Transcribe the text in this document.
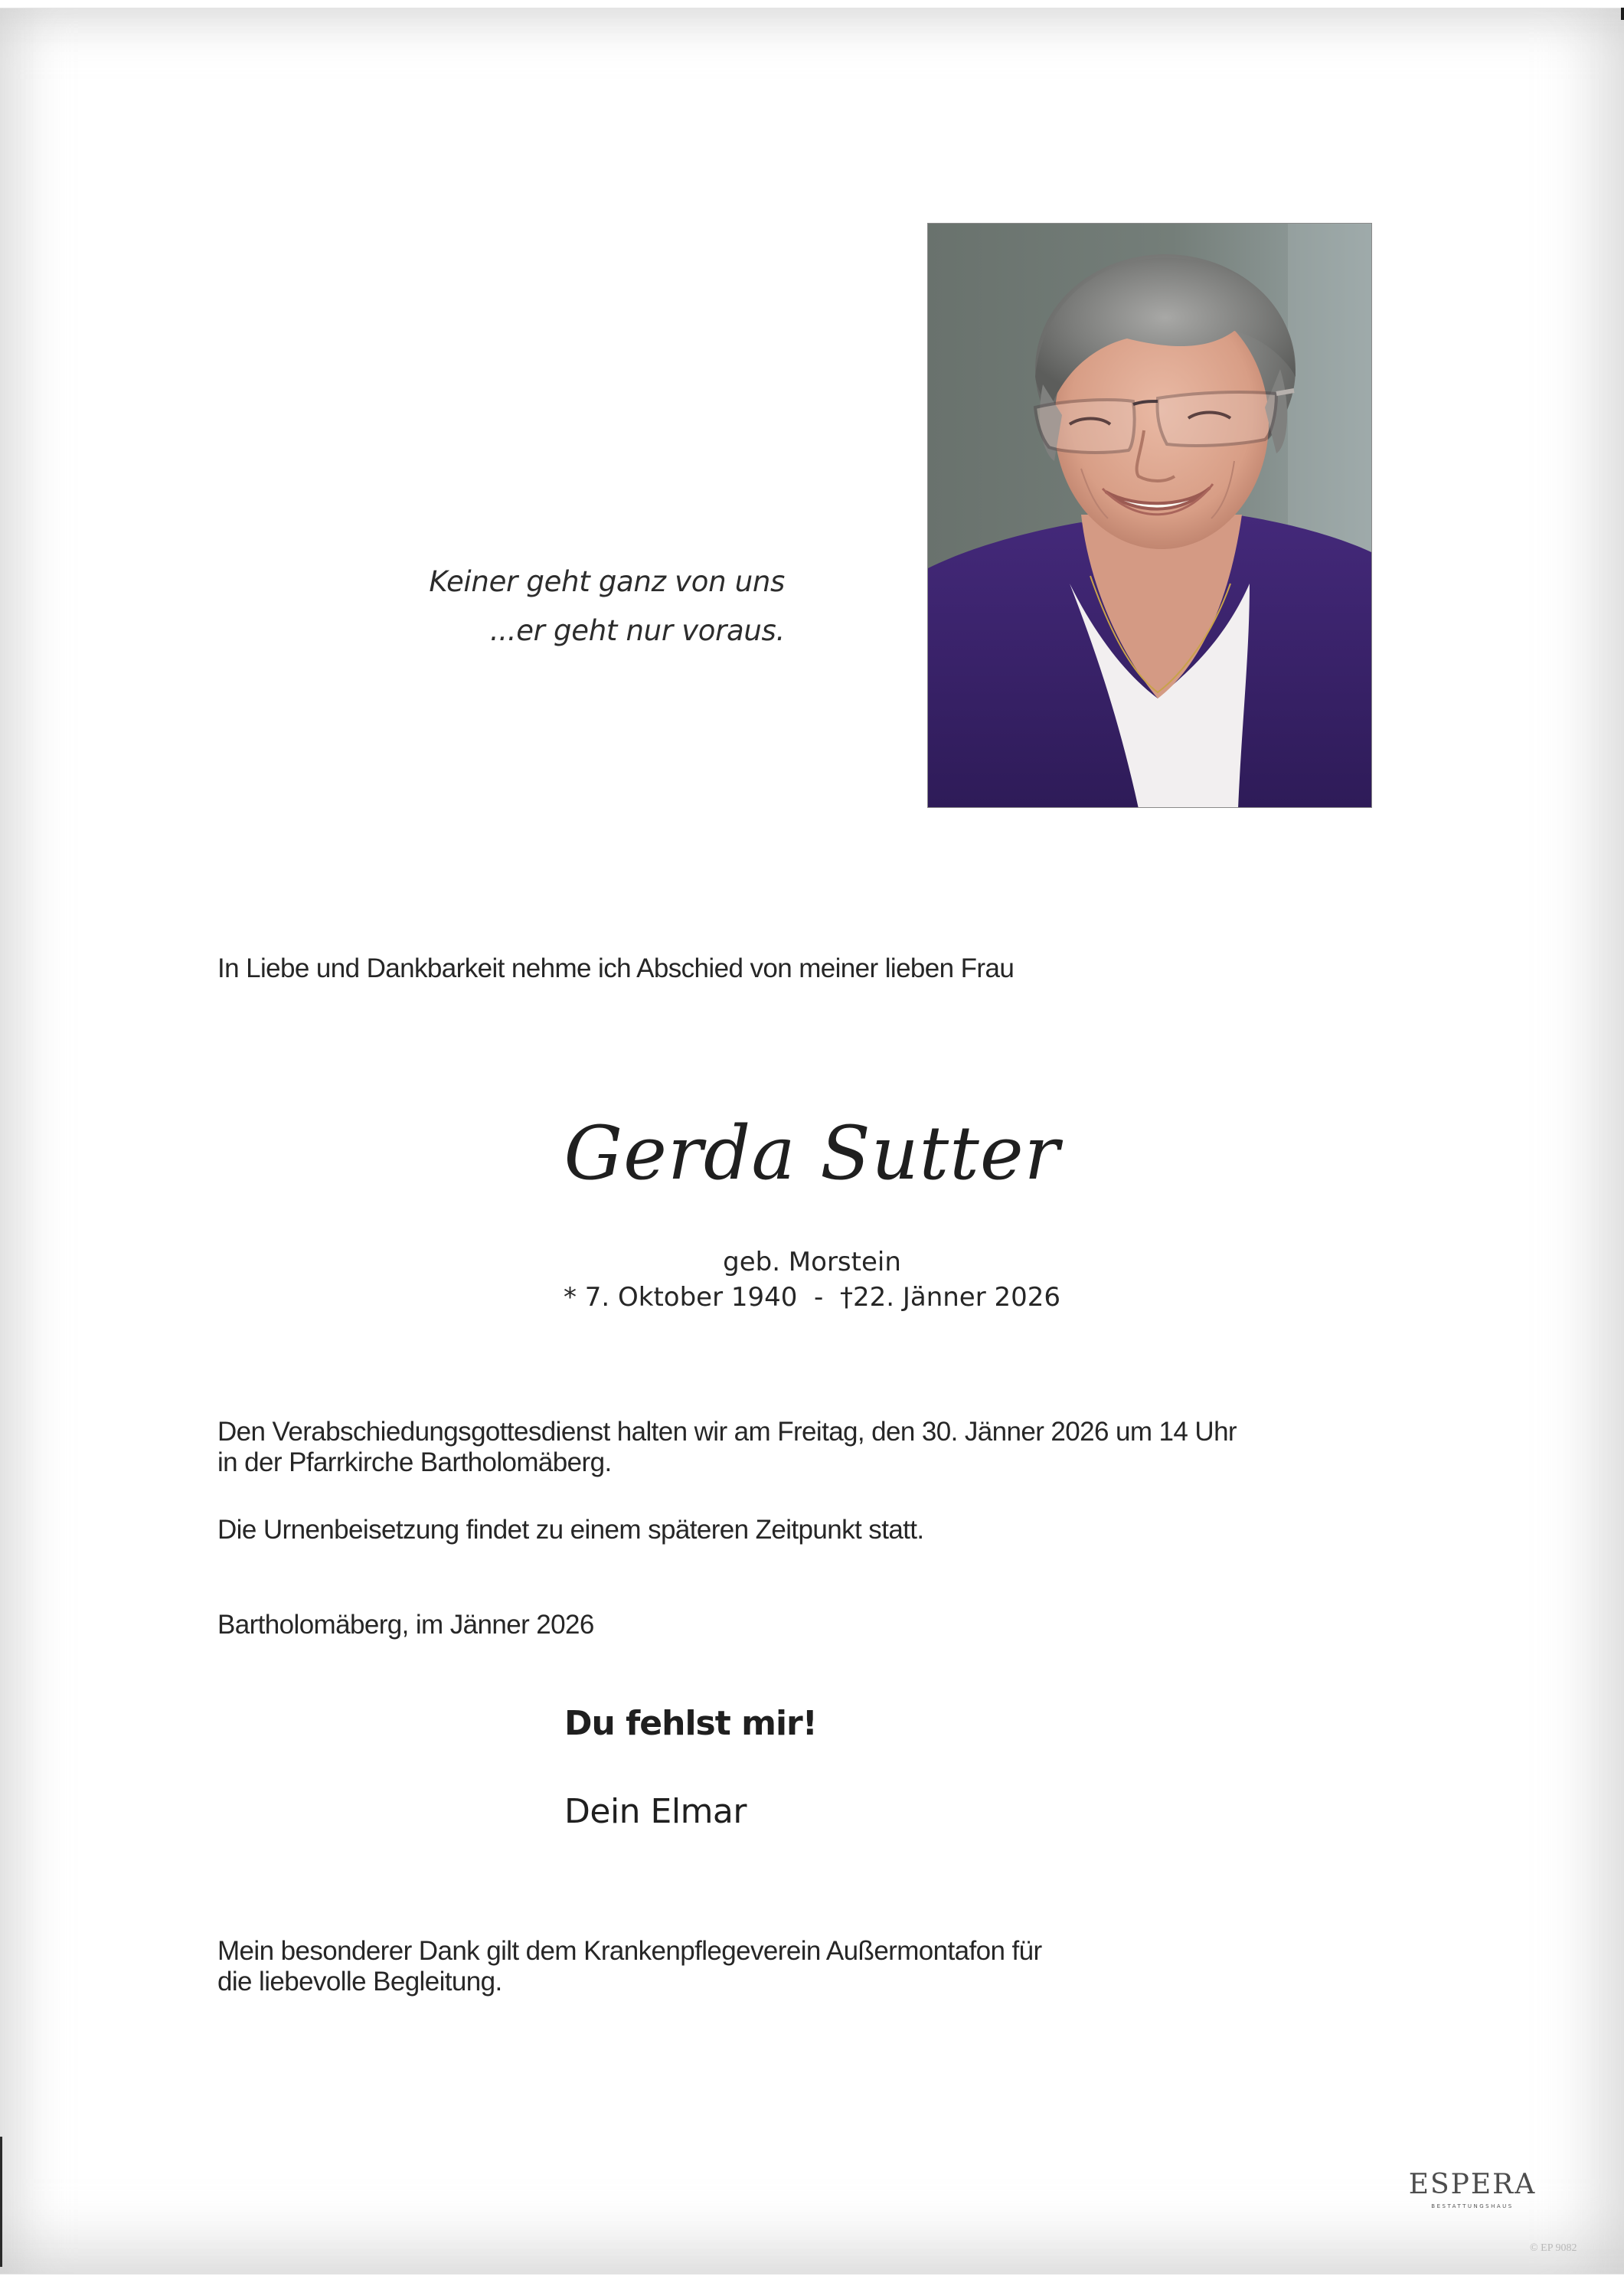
Keiner geht ganz von uns
...er geht nur voraus.
In Liebe und Dankbarkeit nehme ich Abschied von meiner lieben Frau
Gerda Sutter
geb. Morstein
* 7. Oktober 1940 - †22. Jänner 2026
Den Verabschiedungsgottesdienst halten wir am Freitag, den 30. Jänner 2026 um 14 Uhr
in der Pfarrkirche Bartholomäberg.
Die Urnenbeisetzung findet zu einem späteren Zeitpunkt statt.
Bartholomäberg, im Jänner 2026
Du fehlst mir!
Dein Elmar
Mein besonderer Dank gilt dem Krankenpflegeverein Außermontafon für
die liebevolle Begleitung.
ESPERA
BESTATTUNGSHAUS
© EP 9082
